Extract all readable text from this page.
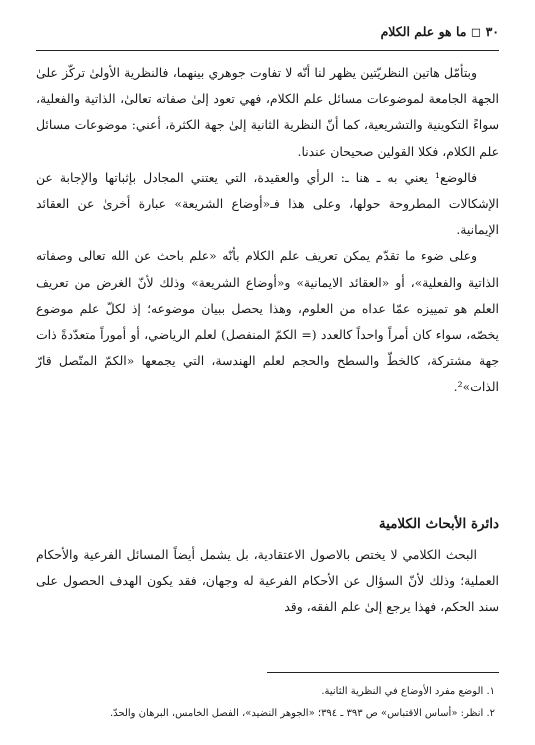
٣٠ ◻ ما هو علم الكلام

وبتأمّل هاتين النظريّتين يظهر لنا أنّه لا تفاوت جوهري بينهما، فالنظرية الأولىٰ تركّز علىٰ الجهة الجامعة لموضوعات مسائل علم الكلام، فهي تعود إلىٰ صفاته تعالىٰ، الذاتية والفعلية، سواءً التكوينية والتشريعية، كما أنّ النظرية الثانية إلىٰ جهة الكثرة، أعني: موضوعات مسائل علم الكلام، فكلا القولين صحيحان عندنا.

فالوضع¹ يعني به ـ هنا ـ: الرأي والعقيدة، التي يعتني المجادل بإثباتها والإجابة عن الإشكالات المطروحة حولها، وعلى هذا فـ«أوضاع الشريعة» عبارة أخرىٰ عن العقائد الإيمانية.

وعلى ضوء ما تقدّم يمكن تعريف علم الكلام بأنّه «علم باحث عن الله تعالى وصفاته الذاتية والفعلية»، أو «العقائد الايمانية» و«أوضاع الشريعة» وذلك لأنّ الغرض من تعريف العلم هو تمييزه عمّا عداه من العلوم، وهذا يحصل ببيان موضوعه؛ إذ لكلّ علم موضوع يخصّه، سواء كان أمراً واحداً كالعدد (= الكمّ المنفصل) لعلم الرياضي، أو أموراً متعدّدةً ذات جهة مشتركة، كالخطّ والسطح والحجم لعلم الهندسة، التي يجمعها «الكمّ المتّصل قارّ الذات»².

دائرة الأبحاث الكلامية

البحث الكلامي لا يختص بالاصول الاعتقادية، بل يشمل أيضاً المسائل الفرعية والأحكام العملية؛ وذلك لأنّ السؤال عن الأحكام الفرعية له وجهان، فقد يكون الهدف الحصول على سند الحكم، فهذا يرجع إلىٰ علم الفقه، وقد

١. الوضع مفرد الأوضاع في النظرية الثانية.
٢. انظر: «أساس الاقتباس» ص ٣٩٣ ـ ٣٩٤؛ «الجوهر النضيد»، الفصل الخامس، البرهان والحدّ.
